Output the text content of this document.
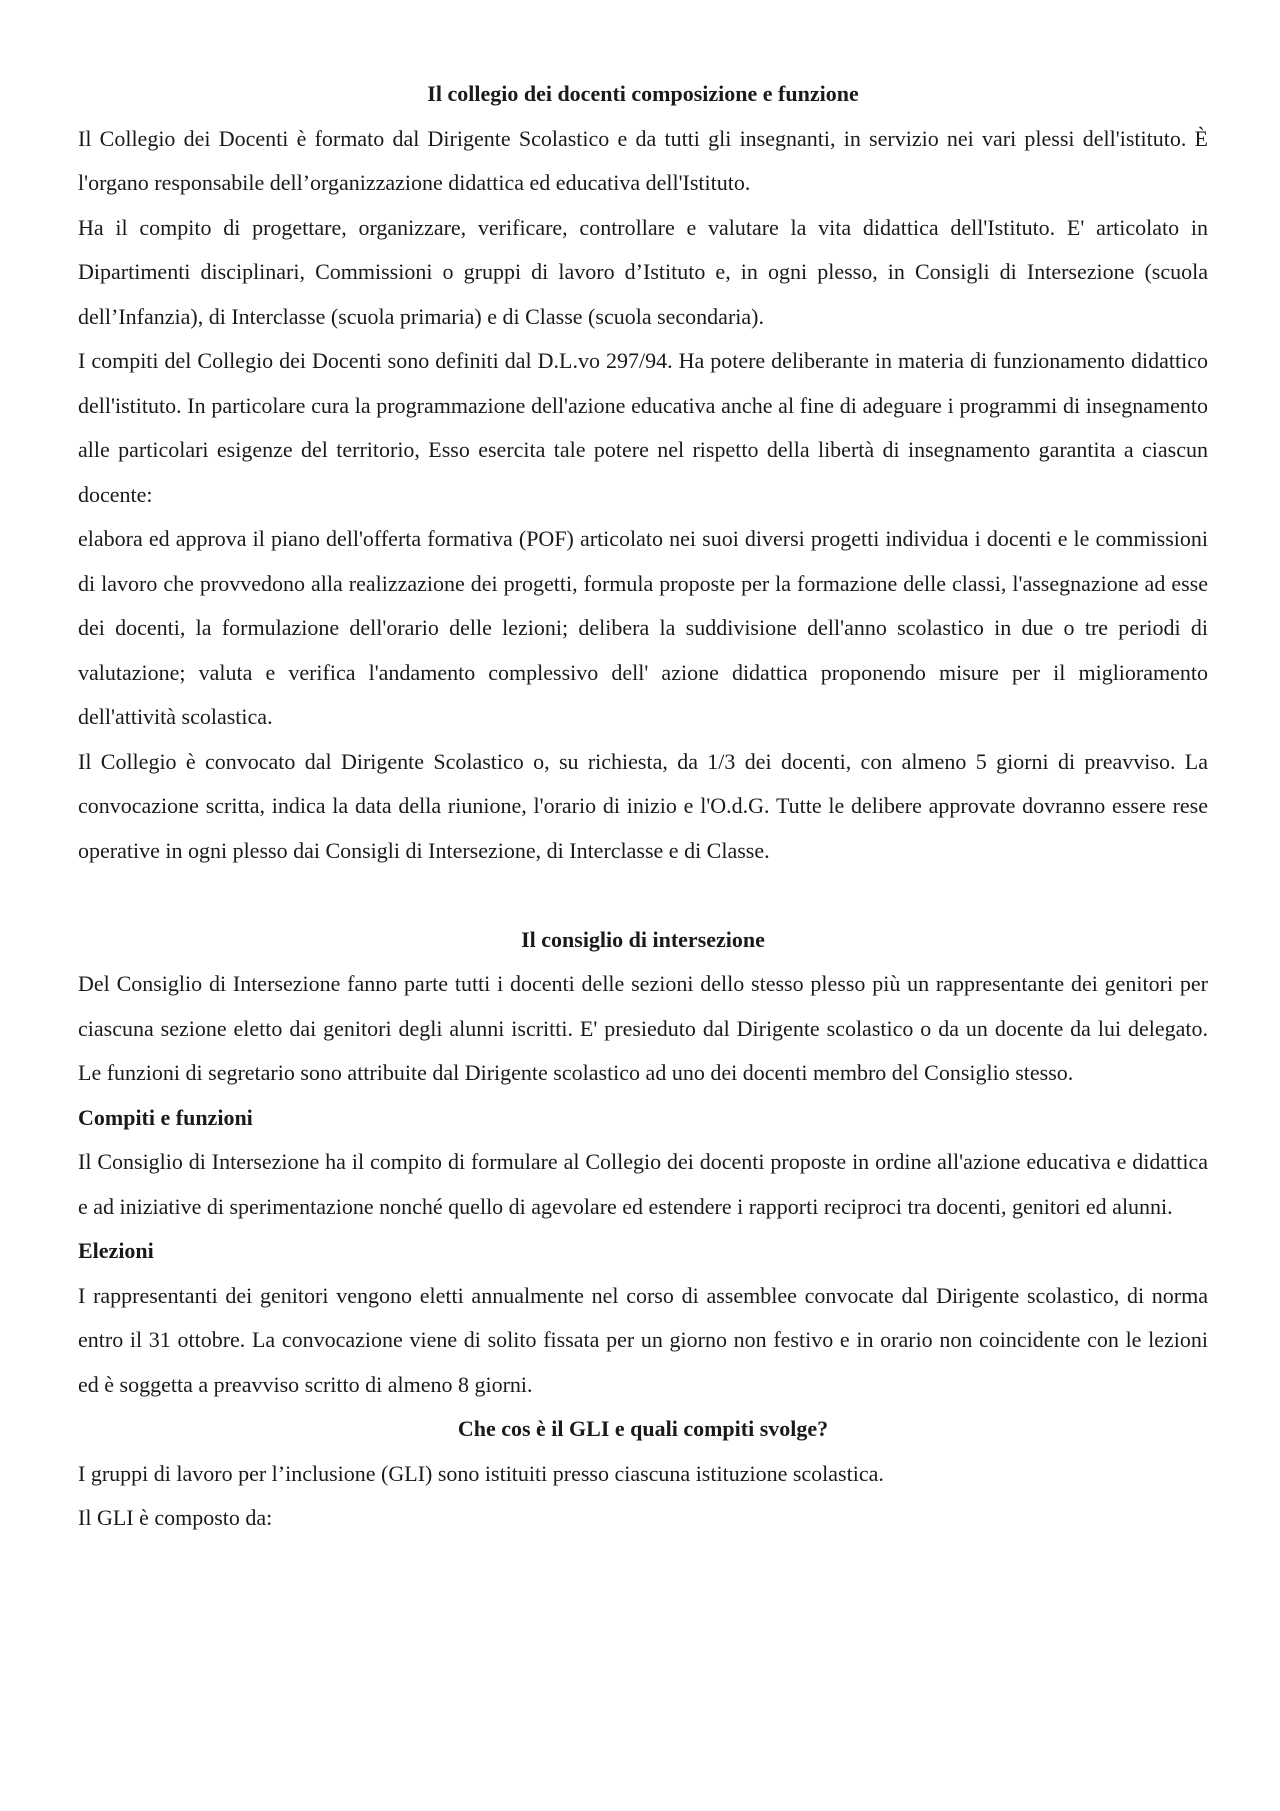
Il collegio dei docenti composizione e funzione

Il Collegio dei Docenti è formato dal Dirigente Scolastico e da tutti gli insegnanti, in servizio nei vari plessi dell'istituto. È l'organo responsabile dell’organizzazione didattica ed educativa dell'Istituto.

Ha il compito di progettare, organizzare, verificare, controllare e valutare la vita didattica dell'Istituto. E' articolato in Dipartimenti disciplinari, Commissioni o gruppi di lavoro d’Istituto e, in ogni plesso, in Consigli di Intersezione (scuola dell’Infanzia), di Interclasse (scuola primaria) e di Classe (scuola secondaria).

I compiti del Collegio dei Docenti sono definiti dal D.L.vo 297/94. Ha potere deliberante in materia di funzionamento didattico dell'istituto. In particolare cura la programmazione dell'azione educativa anche al fine di adeguare i programmi di insegnamento alle particolari esigenze del territorio, Esso esercita tale potere nel rispetto della libertà di insegnamento garantita a ciascun docente:

elabora ed approva il piano dell'offerta formativa (POF) articolato nei suoi diversi progetti individua i docenti e le commissioni di lavoro che provvedono alla realizzazione dei progetti, formula proposte per la formazione delle classi, l'assegnazione ad esse dei docenti, la formulazione dell'orario delle lezioni; delibera la suddivisione dell'anno scolastico in due o tre periodi di valutazione; valuta e verifica l'andamento complessivo dell' azione didattica proponendo misure per il miglioramento dell'attività scolastica.

Il Collegio è convocato dal Dirigente Scolastico o, su richiesta, da 1/3 dei docenti, con almeno 5 giorni di preavviso. La convocazione scritta, indica la data della riunione, l'orario di inizio e l'O.d.G. Tutte le delibere approvate dovranno essere rese operative in ogni plesso dai Consigli di Intersezione, di Interclasse e di Classe.

Il consiglio di intersezione

Del Consiglio di Intersezione fanno parte tutti i docenti delle sezioni dello stesso plesso più un rappresentante dei genitori per ciascuna sezione eletto dai genitori degli alunni iscritti. E' presieduto dal Dirigente scolastico o da un docente da lui delegato. Le funzioni di segretario sono attribuite dal Dirigente scolastico ad uno dei docenti membro del Consiglio stesso.

Compiti e funzioni

Il Consiglio di Intersezione ha il compito di formulare al Collegio dei docenti proposte in ordine all'azione educativa e didattica e ad iniziative di sperimentazione nonché quello di agevolare ed estendere i rapporti reciproci tra docenti, genitori ed alunni.

Elezioni

I rappresentanti dei genitori vengono eletti annualmente nel corso di assemblee convocate dal Dirigente scolastico, di norma entro il 31 ottobre. La convocazione viene di solito fissata per un giorno non festivo e in orario non coincidente con le lezioni ed è soggetta a preavviso scritto di almeno 8 giorni.

Che cos è il GLI e quali compiti svolge?

I gruppi di lavoro per l’inclusione (GLI) sono istituiti presso ciascuna istituzione scolastica.

Il GLI è composto da:
